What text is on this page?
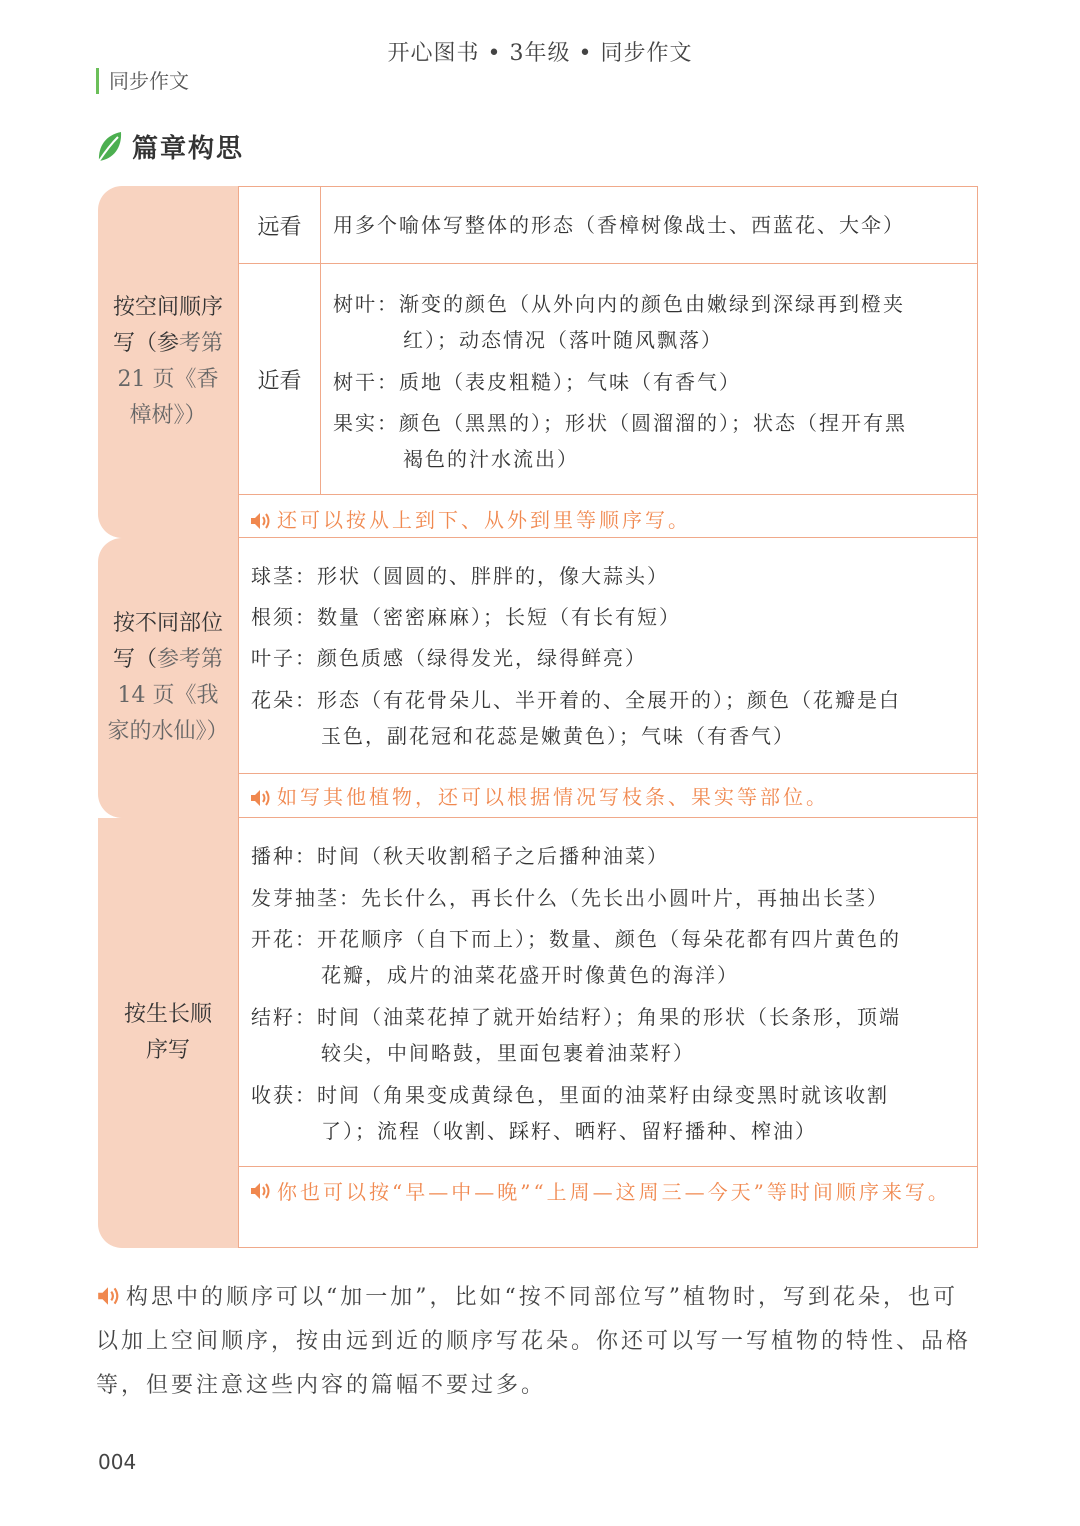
开心图书 • 3年级 • 同步作文
同步作文
篇章构思
按空间顺序写（参考第 21 页《香樟树》）
远看	用多个喻体写整体的形态（香樟树像战士、西蓝花、大伞）
近看
树叶：渐变的颜色（从外向内的颜色由嫩绿到深绿再到橙夹
红）；动态情况（落叶随风飘落）
树干：质地（表皮粗糙）；气味（有香气）
果实：颜色（黑黑的）；形状（圆溜溜的）；状态（捏开有黑
褐色的汁水流出）
还可以按从上到下、从外到里等顺序写。
按不同部位写（参考第 14 页《我家的水仙》）
球茎：形状（圆圆的、胖胖的，像大蒜头）
根须：数量（密密麻麻）；长短（有长有短）
叶子：颜色质感（绿得发光，绿得鲜亮）
花朵：形态（有花骨朵儿、半开着的、全展开的）；颜色（花瓣是白
玉色，副花冠和花蕊是嫩黄色）；气味（有香气）
如写其他植物，还可以根据情况写枝条、果实等部位。
按生长顺序写
播种：时间（秋天收割稻子之后播种油菜）
发芽抽茎：先长什么，再长什么（先长出小圆叶片，再抽出长茎）
开花：开花顺序（自下而上）；数量、颜色（每朵花都有四片黄色的
花瓣，成片的油菜花盛开时像黄色的海洋）
结籽：时间（油菜花掉了就开始结籽）；角果的形状（长条形，顶端
较尖，中间略鼓，里面包裹着油菜籽）
收获：时间（角果变成黄绿色，里面的油菜籽由绿变黑时就该收割
了）；流程（收割、踩籽、晒籽、留籽播种、榨油）
你也可以按“早—中—晚”“上周—这周三—今天”等时间顺序来写。
构思中的顺序可以“加一加”，比如“按不同部位写”植物时，写到花朵，也可以加上空间顺序，按由远到近的顺序写花朵。你还可以写一写植物的特性、品格等，但要注意这些内容的篇幅不要过多。
004
